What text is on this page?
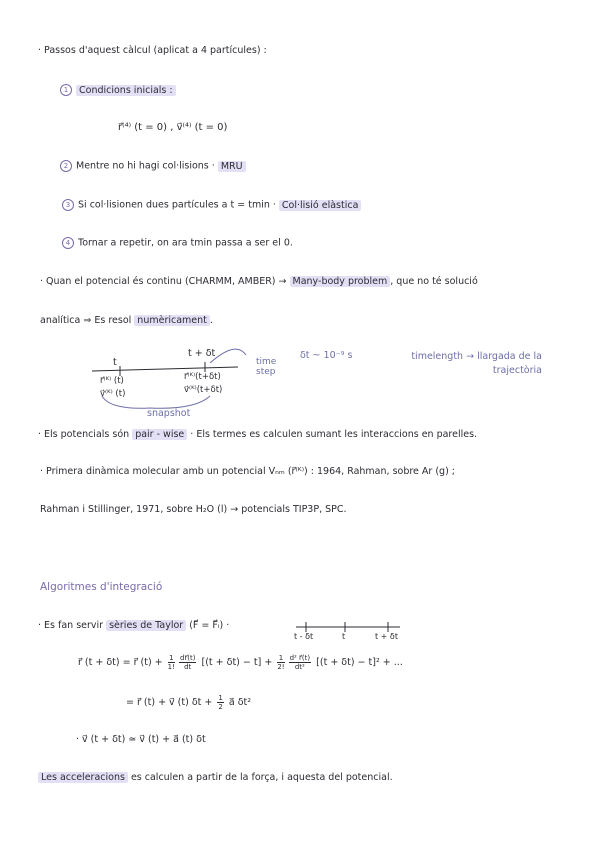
· Passos d'aquest càlcul (aplicat a 4 partícules) :
1 Condicions inicials :
r⃗⁽⁴⁾ (t = 0) , v⃗⁽⁴⁾ (t = 0)
2 Mentre no hi hagi col·lisions · MRU
3 Si col·lisionen dues partícules a t = tmin · Col·lisió elàstica
4 Tornar a repetir, on ara tmin passa a ser el 0.
· Quan el potencial és continu (CHARMM, AMBER) → Many-body problem , que no té solució
analítica ⇒ Es resol numèricament .
t
t + δt
time step
δt ~ 10⁻⁹ s	timelength → llargada de la trajectòria
r⃗⁽ᴷ⁾ (t)
v⃗⁽ᴷ⁾ (t)
r⃗⁽ᴷ⁾(t+δt)
v⃗⁽ᴷ⁾(t+δt)
snapshot
· Els potencials són pair - wise · Els termes es calculen sumant les interaccions en parelles.
· Primera dinàmica molecular amb un potencial Vₙₘ (r⃗⁽ᴷ⁾) : 1964, Rahman, sobre Ar (g) ;
Rahman i Stillinger, 1971, sobre H₂O (l) → potencials TIP3P, SPC.
Algoritmes d'integració
· Es fan servir sèries de Taylor (F⃗ = F⃗ᵢ) ·
t - δt	t	t + δt
r⃗ (t + δt) = r⃗ $(t) + \frac{1}{1!} \frac{dr⃗(t)}{dt} [(t + \delta t) - t] + \frac{1}{2!} \frac{\text{d² r⃗(t)}}{\text{dt²}} [(t + \delta t) - t]^2$ + ...
= r⃗ (t) + v⃗ (t) $\delta t + \frac{1}{2}$ a⃗ δt²
· v⃗ (t + δt) ≃ v⃗ (t) + a⃗ (t) δt
Les acceleracions es calculen a partir de la força, i aquesta del potencial.
